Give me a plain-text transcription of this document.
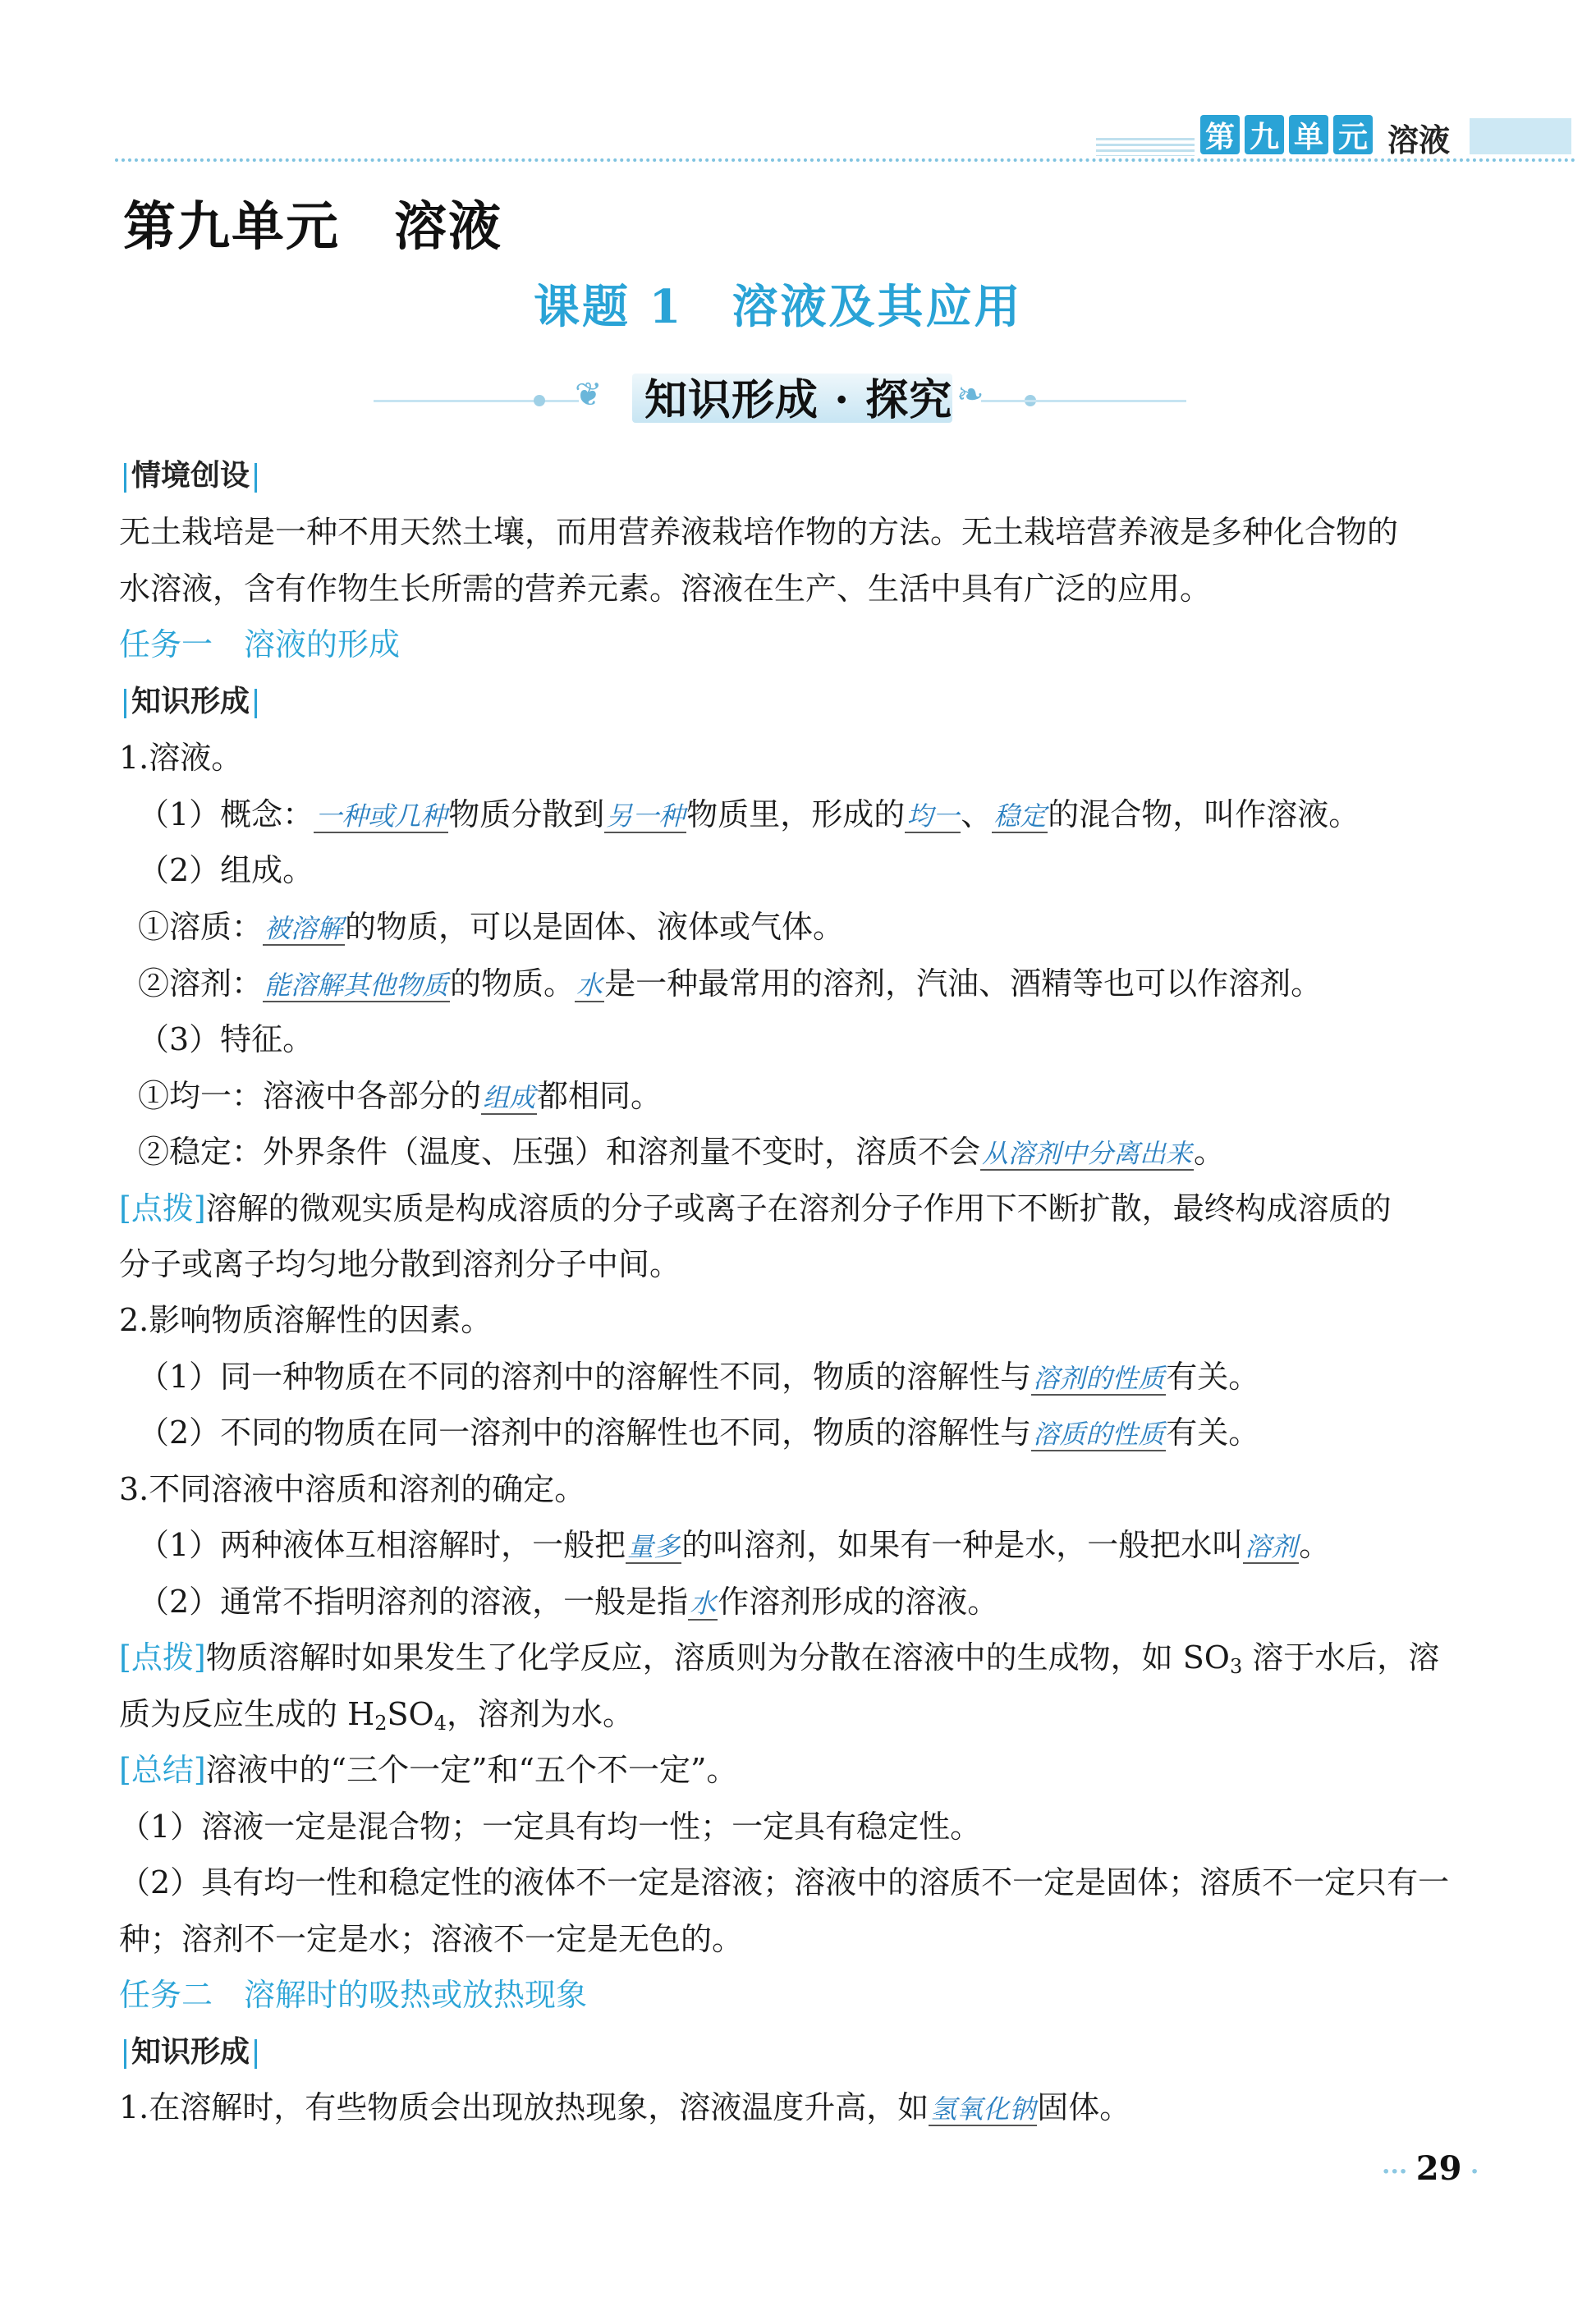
第 九 单 元 溶液
第九单元　溶液
课题 1　溶液及其应用
❦ 知识形成 · 探究 ❧
情境创设
无土栽培是一种不用天然土壤，而用营养液栽培作物的方法。无土栽培营养液是多种化合物的
水溶液，含有作物生长所需的营养元素。溶液在生产、生活中具有广泛的应用。
任务一　溶液的形成
知识形成
1.溶液。
（1）概念：一种或几种物质分散到另一种物质里，形成的均一、稳定的混合物，叫作溶液。
（2）组成。
①溶质：被溶解的物质，可以是固体、液体或气体。
②溶剂：能溶解其他物质的物质。水是一种最常用的溶剂，汽油、酒精等也可以作溶剂。
（3）特征。
①均一：溶液中各部分的组成都相同。
②稳定：外界条件（温度、压强）和溶剂量不变时，溶质不会从溶剂中分离出来。
[点拨]溶解的微观实质是构成溶质的分子或离子在溶剂分子作用下不断扩散，最终构成溶质的
分子或离子均匀地分散到溶剂分子中间。
2.影响物质溶解性的因素。
（1）同一种物质在不同的溶剂中的溶解性不同，物质的溶解性与溶剂的性质有关。
（2）不同的物质在同一溶剂中的溶解性也不同，物质的溶解性与溶质的性质有关。
3.不同溶液中溶质和溶剂的确定。
（1）两种液体互相溶解时，一般把量多的叫溶剂，如果有一种是水，一般把水叫溶剂。
（2）通常不指明溶剂的溶液，一般是指水作溶剂形成的溶液。
[点拨]物质溶解时如果发生了化学反应，溶质则为分散在溶液中的生成物，如 $SO_3$ 溶于水后，溶
质为反应生成的 $H_2SO_4$，溶剂为水。
[总结]溶液中的“三个一定”和“五个不一定”。
（1）溶液一定是混合物；一定具有均一性；一定具有稳定性。
（2）具有均一性和稳定性的液体不一定是溶液；溶液中的溶质不一定是固体；溶质不一定只有一
种；溶剂不一定是水；溶液不一定是无色的。
任务二　溶解时的吸热或放热现象
知识形成
1.在溶解时，有些物质会出现放热现象，溶液温度升高，如氢氧化钠固体。
··· 29 ·
